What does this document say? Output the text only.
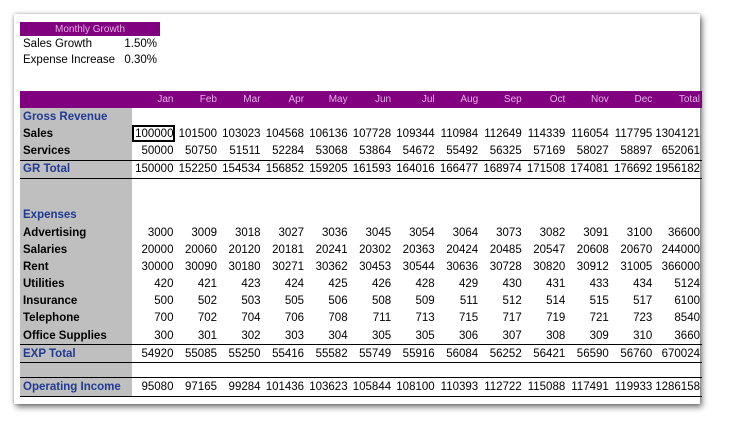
Monthly Growth	
Sales Growth	1.50%
Expense Increase	0.30%
	Jan	Feb	Mar	Apr	May	Jun	Jul	Aug	Sep	Oct	Nov	Dec	Total
Gross Revenue													
Sales	100000	101500	103023	104568	106136	107728	109344	110984	112649	114339	116054	117795	1304121
Services	50000	50750	51511	52284	53068	53864	54672	55492	56325	57169	58027	58897	652061
GR Total	150000	152250	154534	156852	159205	161593	164016	166477	168974	171508	174081	176692	1956182

Expenses													
Advertising	3000	3009	3018	3027	3036	3045	3054	3064	3073	3082	3091	3100	36600
Salaries	20000	20060	20120	20181	20241	20302	20363	20424	20485	20547	20608	20670	244000
Rent	30000	30090	30180	30271	30362	30453	30544	30636	30728	30820	30912	31005	366000
Utilities	420	421	423	424	425	426	428	429	430	431	433	434	5124
Insurance	500	502	503	505	506	508	509	511	512	514	515	517	6100
Telephone	700	702	704	706	708	711	713	715	717	719	721	723	8540
Office Supplies	300	301	302	303	304	305	305	306	307	308	309	310	3660
EXP Total	54920	55085	55250	55416	55582	55749	55916	56084	56252	56421	56590	56760	670024

Operating Income	95080	97165	99284	101436	103623	105844	108100	110393	112722	115088	117491	119933	1286158
